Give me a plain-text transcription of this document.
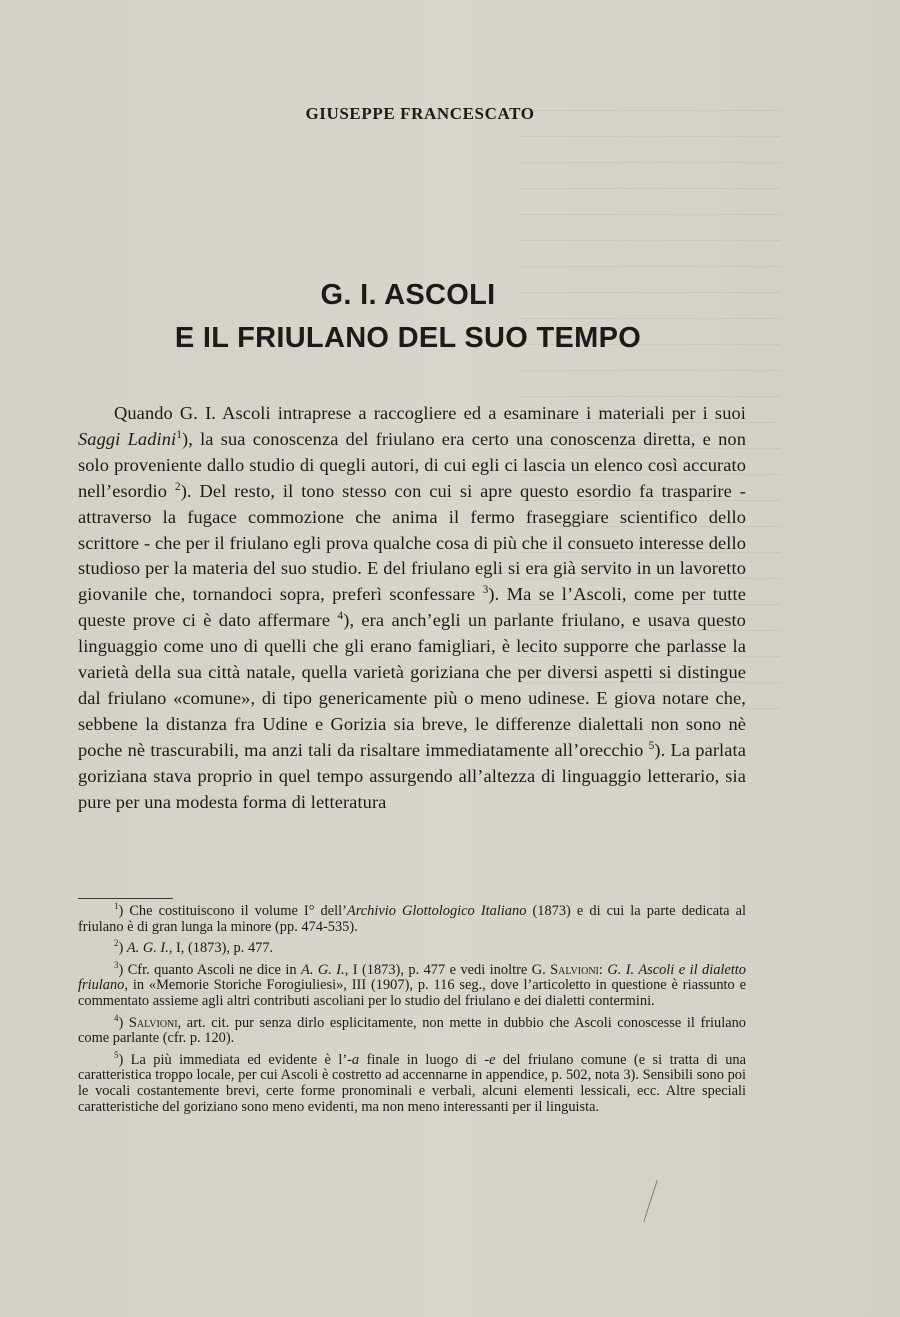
GIUSEPPE FRANCESCATO
G. I. ASCOLI
E IL FRIULANO DEL SUO TEMPO
Quando G. I. Ascoli intraprese a raccogliere ed a esaminare i materiali per i suoi Saggi Ladini$^1$), la sua conoscenza del friulano era certo una conoscenza diretta, e non solo proveniente dallo studio di quegli autori, di cui egli ci lascia un elenco così accurato nell’esordio $^2$). Del resto, il tono stesso con cui si apre questo esordio fa trasparire - attraverso la fugace commozione che anima il fermo fraseggiare scientifico dello scrittore - che per il friulano egli prova qualche cosa di più che il consueto interesse dello studioso per la materia del suo studio. E del friulano egli si era già servito in un lavoretto giovanile che, tornandoci sopra, preferì sconfessare $^3$). Ma se l’Ascoli, come per tutte queste prove ci è dato affermare $^4$), era anch’egli un parlante friulano, e usava questo linguaggio come uno di quelli che gli erano famigliari, è lecito supporre che parlasse la varietà della sua città natale, quella varietà goriziana che per diversi aspetti si distingue dal friulano «comune», di tipo genericamente più o meno udinese. E giova notare che, sebbene la distanza fra Udine e Gorizia sia breve, le differenze dialettali non sono nè poche nè trascurabili, ma anzi tali da risaltare immediatamente all’orecchio $^5$). La parlata goriziana stava proprio in quel tempo assurgendo all’altezza di linguaggio letterario, sia pure per una modesta forma di letteratura

$^1$) Che costituiscono il volume I° dell’Archivio Glottologico Italiano (1873) e di cui la parte dedicata al friulano è di gran lunga la minore (pp. 474-535).

$^2$) A. G. I., I, (1873), p. 477.

$^3$) Cfr. quanto Ascoli ne dice in A. G. I., I (1873), p. 477 e vedi inoltre G. Salvioni: G. I. Ascoli e il dialetto friulano, in «Memorie Storiche Forogiuliesi», III (1907), p. 116 seg., dove l’articoletto in questione è riassunto e commentato assieme agli altri contributi ascoliani per lo studio del friulano e dei dialetti contermini.

$^4$) Salvioni, art. cit. pur senza dirlo esplicitamente, non mette in dubbio che Ascoli conoscesse il friulano come parlante (cfr. p. 120).

$^5$) La più immediata ed evidente è l’-a finale in luogo di -e del friulano comune (e si tratta di una caratteristica troppo locale, per cui Ascoli è costretto ad accennarne in appendice, p. 502, nota 3). Sensibili sono poi le vocali costantemente brevi, certe forme pronominali e verbali, alcuni elementi lessicali, ecc. Altre speciali caratteristiche del goriziano sono meno evidenti, ma non meno interessanti per il linguista.
